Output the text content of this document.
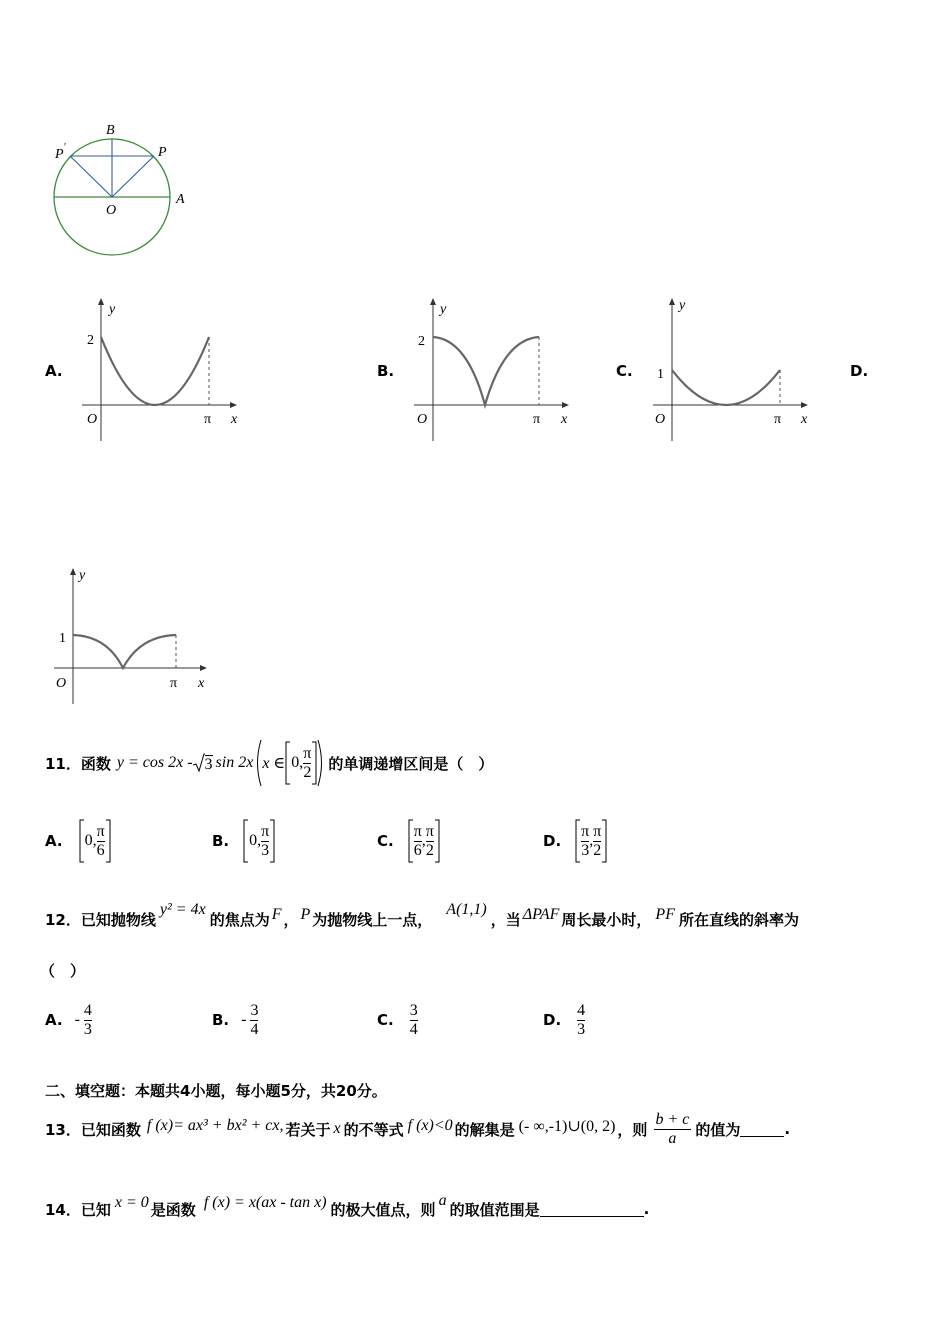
B
P ′	P
O
A
A.
y
x
O
2
π
B.
y
x
O
2
π
C.
y
x
O
1
π
D.
y
x
O
1
π
11． 函数 y = cos 2x - 3 sin 2x x ∈ 0, $\frac{\pi}{2}$ 的单调递增区间是（　）
A. 0, $\frac{\pi}{6}$	B. 0, $\frac{\pi}{3}$	C. $\frac{\pi}{6}$ , $\frac{\pi}{2}$	D. $\frac{\pi}{3}$ , $\frac{\pi}{2}$
12． 已知抛物线
y² = 4x
的焦点为 F ， P 为抛物线上一点，
A(1,1)
，当 ΔPAF 周长最小时， PF 所在直线的斜率为
（　）
A. - $\frac{4}{3}$	B. - $\frac{3}{4}$	C. $\frac{3}{4}$	D. $\frac{4}{3}$
二、填空题：本题共4小题，每小题5分，共20分。
13． 已知函数 f (x)= ax³ + bx² + cx, 若关于 x 的不等式 f (x)<0 的解集是 (- ∞,-1)∪(0, 2) ，则 $\frac{b + c}{a}$ 的值为	.
14． 已知 x = 0 是函数 f (x) = x(ax - tan x) 的极大值点，则 a 的取值范围是	.
